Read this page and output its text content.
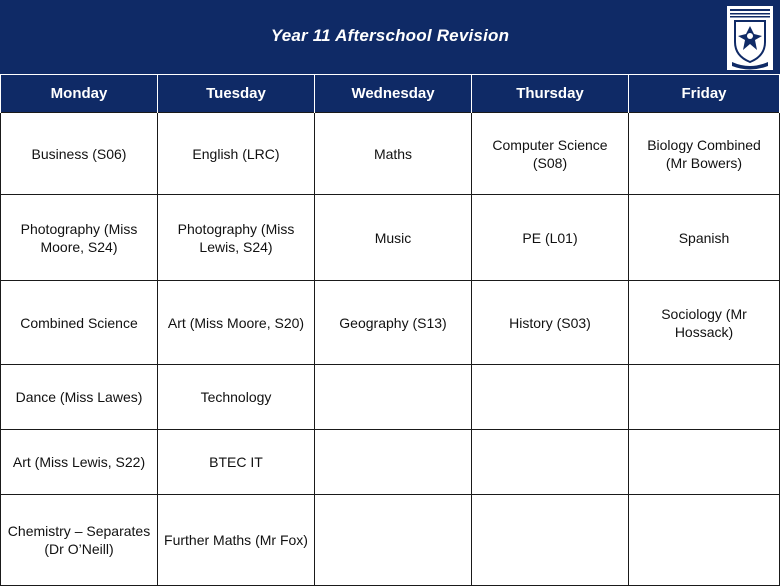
Year 11 Afterschool Revision
Monday	Tuesday	Wednesday	Thursday	Friday
Business (S06)	English (LRC)	Maths	Computer Science (S08)	Biology Combined (Mr Bowers)
Photography (Miss Moore, S24)	Photography (Miss Lewis, S24)	Music	PE (L01)	Spanish
Combined Science	Art (Miss Moore, S20)	Geography (S13)	History (S03)	Sociology (Mr Hossack)
Dance (Miss Lawes)	Technology			
Art (Miss Lewis, S22)	BTEC IT			
Chemistry – Separates (Dr O’Neill)	Further Maths (Mr Fox)			
